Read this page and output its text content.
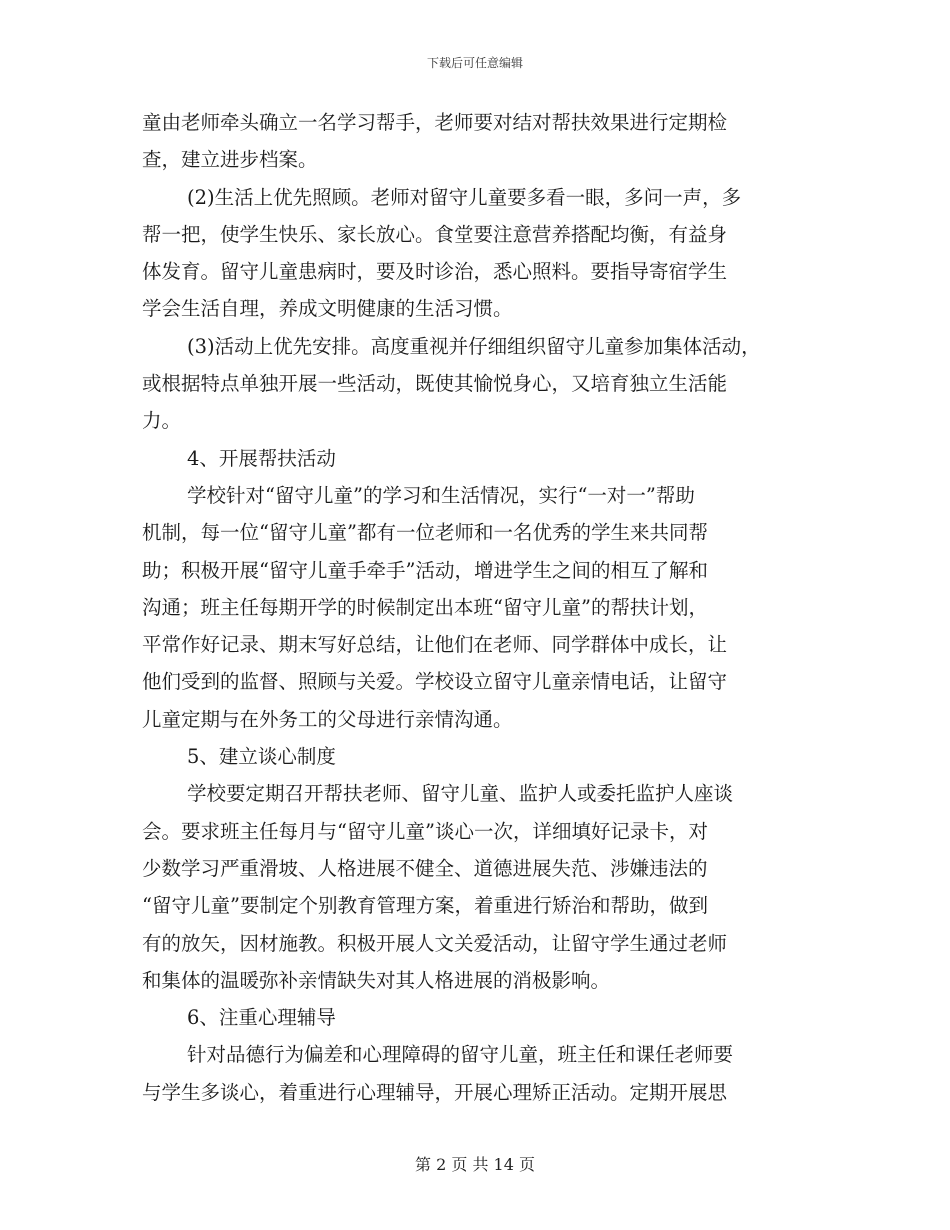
下载后可任意编辑
童由老师牵头确立一名学习帮手，老师要对结对帮扶效果进行定期检
查，建立进步档案。
(2)生活上优先照顾。老师对留守儿童要多看一眼，多问一声，多
帮一把，使学生快乐、家长放心。食堂要注意营养搭配均衡，有益身
体发育。留守儿童患病时，要及时诊治，悉心照料。要指导寄宿学生
学会生活自理，养成文明健康的生活习惯。
(3)活动上优先安排。高度重视并仔细组织留守儿童参加集体活动，
或根据特点单独开展一些活动，既使其愉悦身心，又培育独立生活能
力。
4、开展帮扶活动
学校针对“留守儿童”的学习和生活情况，实行“一对一”帮助
机制，每一位“留守儿童”都有一位老师和一名优秀的学生来共同帮
助；积极开展“留守儿童手牵手”活动，增进学生之间的相互了解和
沟通；班主任每期开学的时候制定出本班“留守儿童”的帮扶计划，
平常作好记录、期末写好总结，让他们在老师、同学群体中成长，让
他们受到的监督、照顾与关爱。学校设立留守儿童亲情电话，让留守
儿童定期与在外务工的父母进行亲情沟通。
5、建立谈心制度
学校要定期召开帮扶老师、留守儿童、监护人或委托监护人座谈
会。要求班主任每月与“留守儿童”谈心一次，详细填好记录卡，对
少数学习严重滑坡、人格进展不健全、道德进展失范、涉嫌违法的
“留守儿童”要制定个别教育管理方案，着重进行矫治和帮助，做到
有的放矢，因材施教。积极开展人文关爱活动，让留守学生通过老师
和集体的温暖弥补亲情缺失对其人格进展的消极影响。
6、注重心理辅导
针对品德行为偏差和心理障碍的留守儿童，班主任和课任老师要
与学生多谈心，着重进行心理辅导，开展心理矫正活动。定期开展思
第 2 页 共 14 页
